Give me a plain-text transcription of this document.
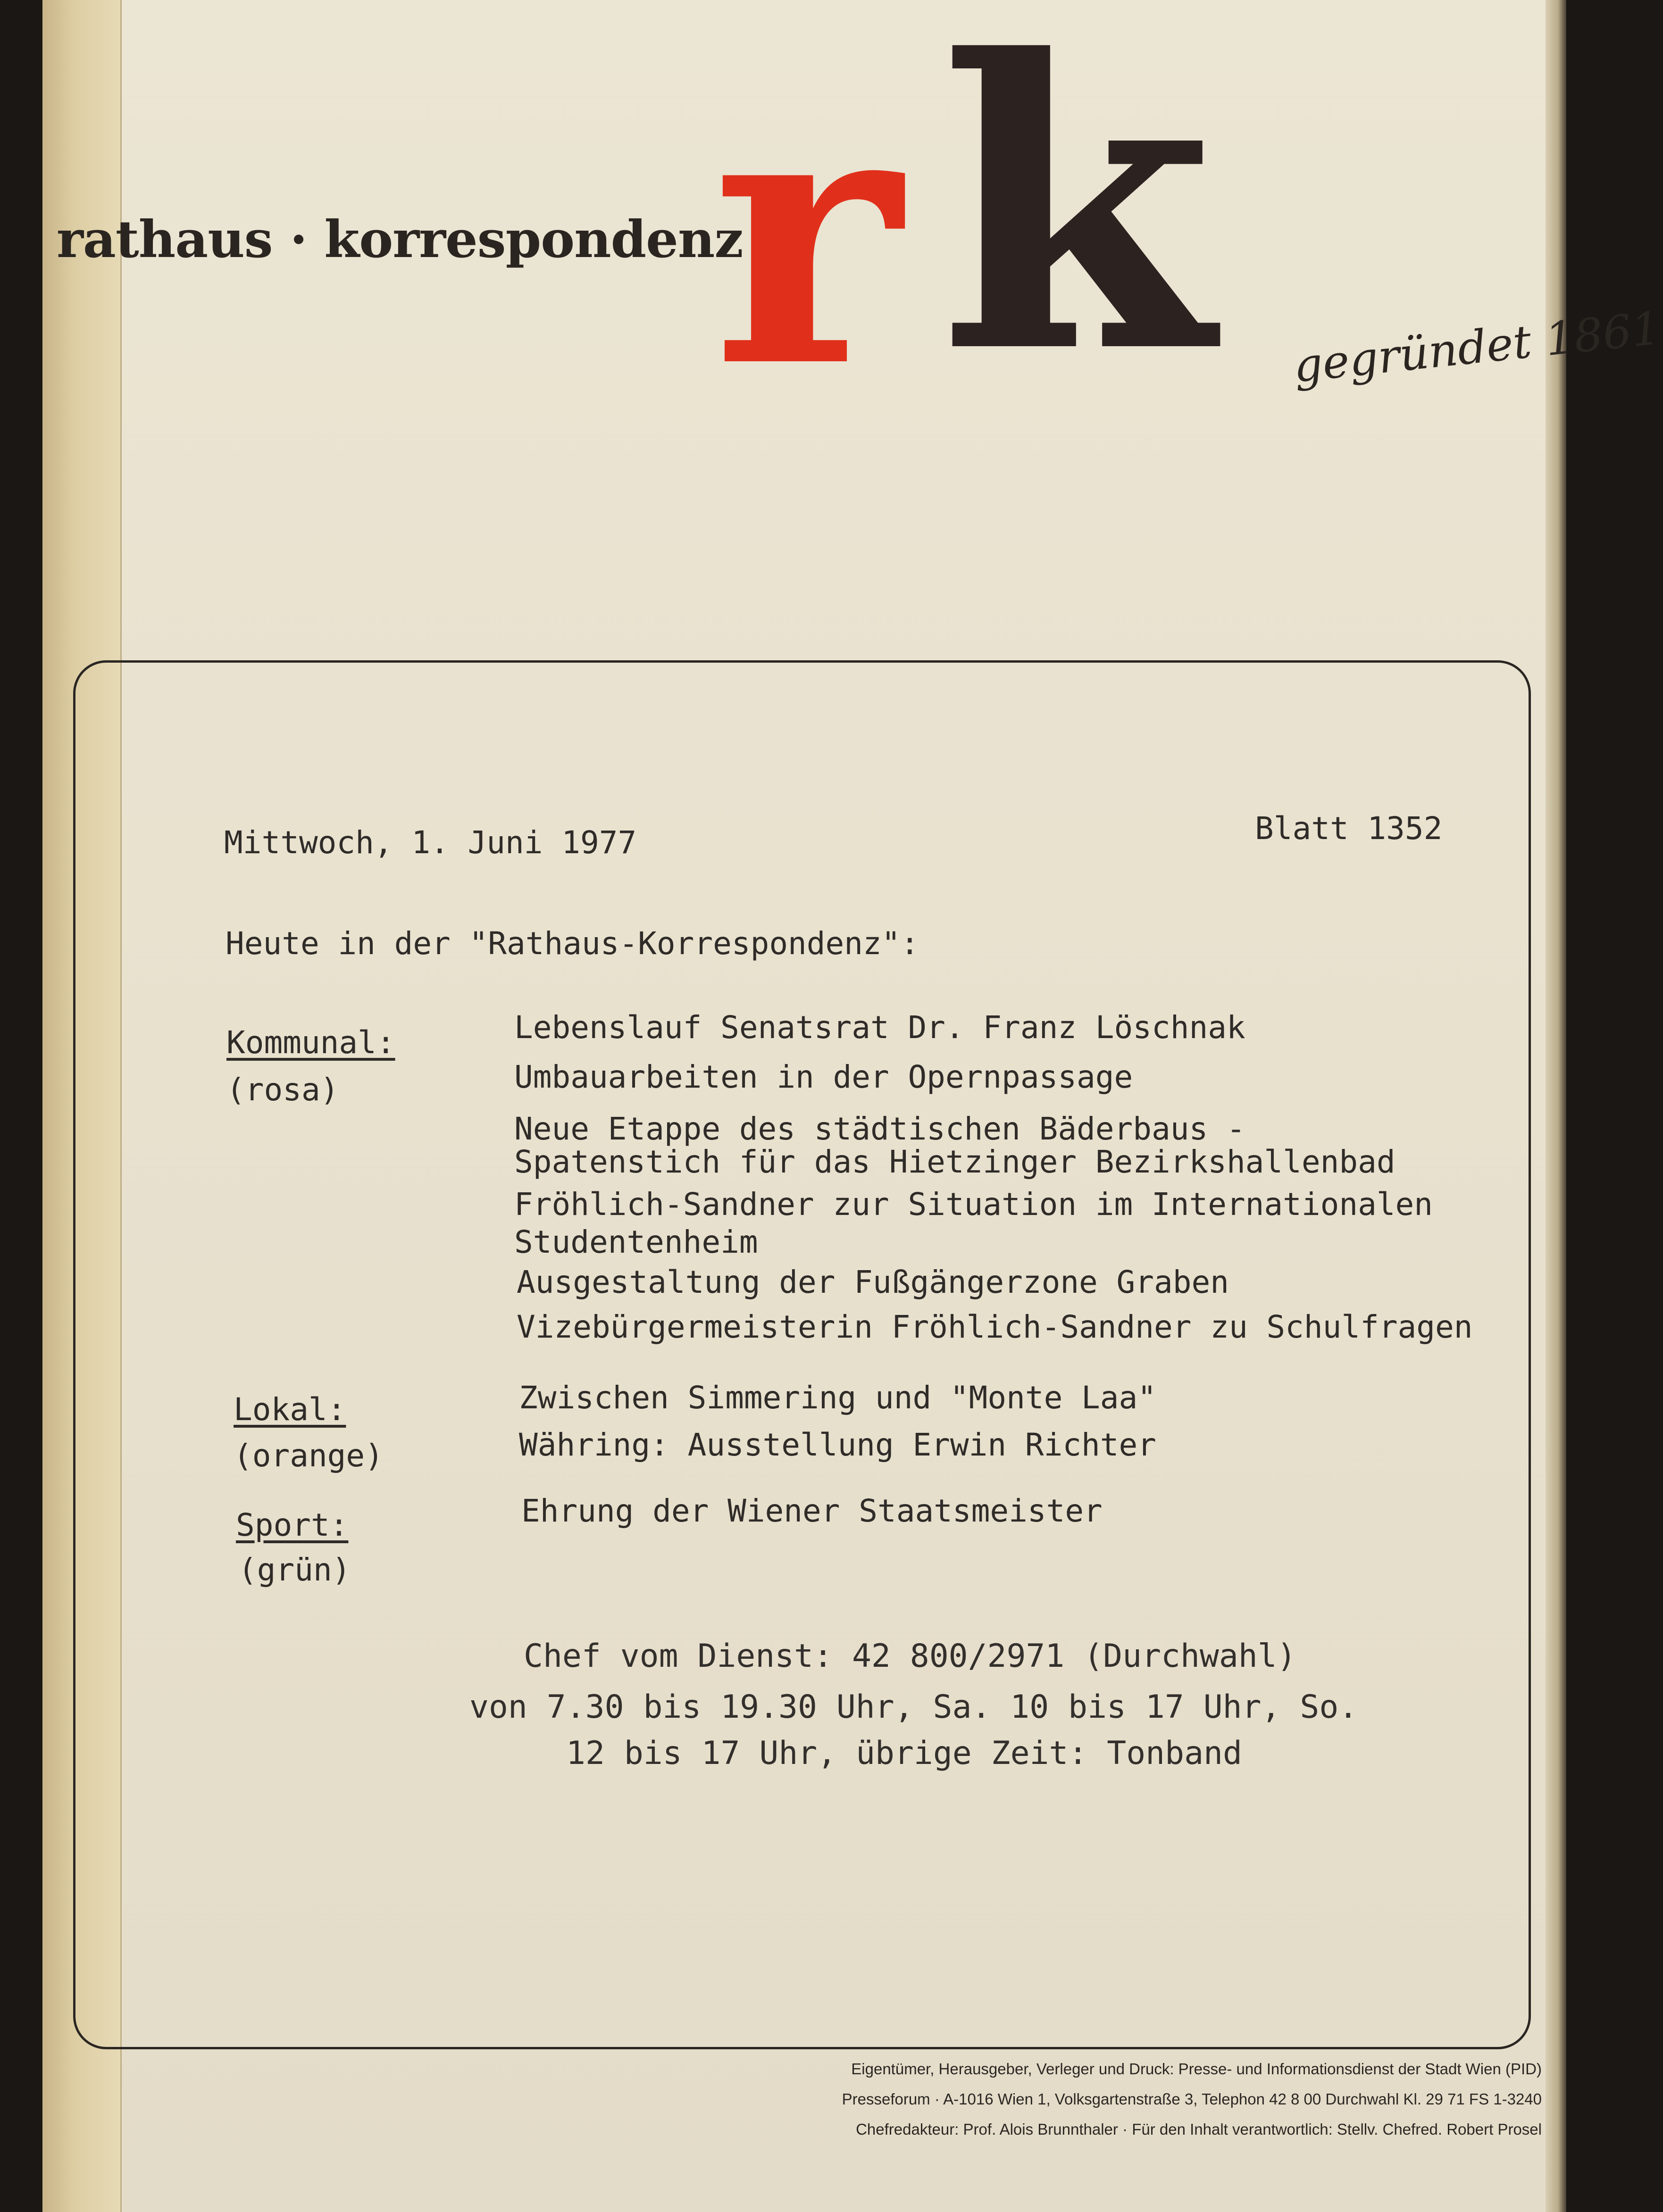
rathaus · korrespondenz
r k gegründet 1861
Mittwoch, 1. Juni 1977	Blatt 1352
Heute in der "Rathaus-Korrespondenz":
Kommunal:
(rosa)
Lebenslauf Senatsrat Dr. Franz Löschnak
Umbauarbeiten in der Opernpassage
Neue Etappe des städtischen Bäderbaus -
Spatenstich für das Hietzinger Bezirkshallenbad
Fröhlich-Sandner zur Situation im Internationalen
Studentenheim
Ausgestaltung der Fußgängerzone Graben
Vizebürgermeisterin Fröhlich-Sandner zu Schulfragen
Lokal:
(orange)
Zwischen Simmering und "Monte Laa"
Währing: Ausstellung Erwin Richter
Sport:
(grün)
Ehrung der Wiener Staatsmeister
Chef vom Dienst: 42 800/2971 (Durchwahl)
von 7.30 bis 19.30 Uhr, Sa. 10 bis 17 Uhr, So.
12 bis 17 Uhr, übrige Zeit: Tonband
Eigentümer, Herausgeber, Verleger und Druck: Presse- und Informationsdienst der Stadt Wien (PID)
Presseforum · A-1016 Wien 1, Volksgartenstraße 3, Telephon 42 8 00 Durchwahl Kl. 29 71 FS 1-3240
Chefredakteur: Prof. Alois Brunnthaler · Für den Inhalt verantwortlich: Stellv. Chefred. Robert Prosel
